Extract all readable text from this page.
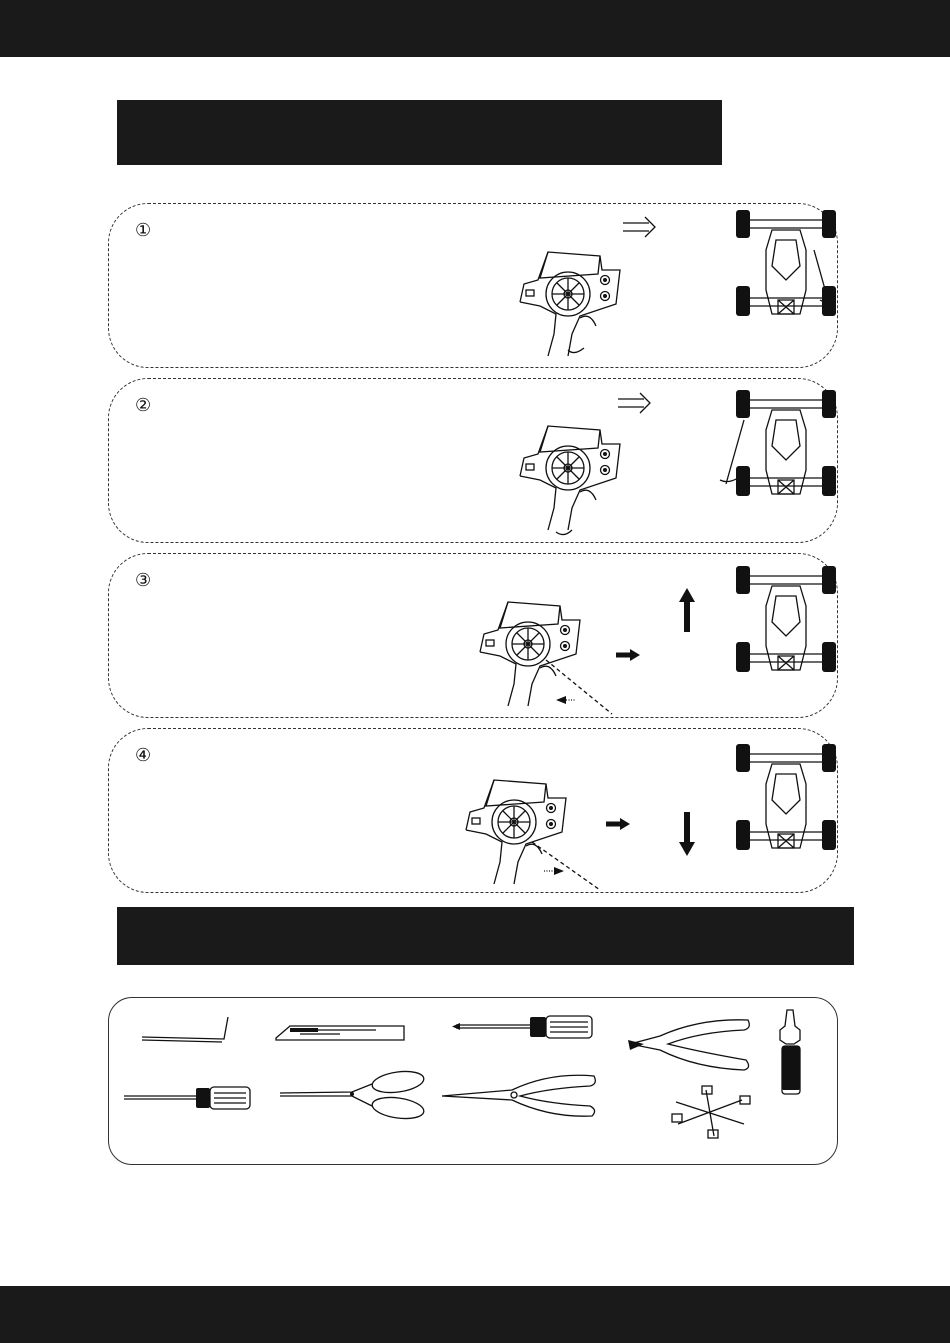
①
②
③
④
